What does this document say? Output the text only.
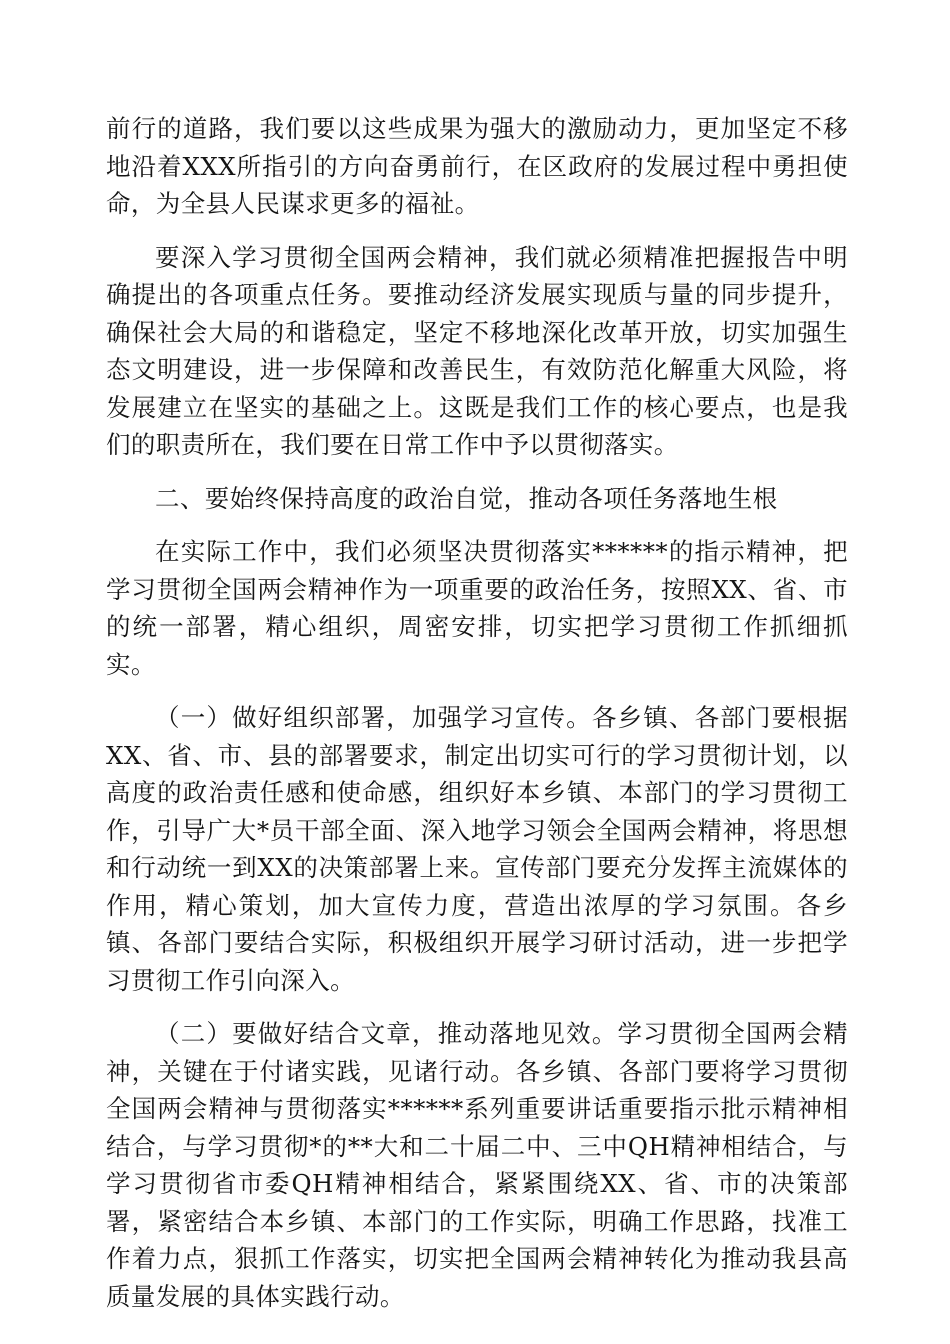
前行的道路，我们要以这些成果为强大的激励动力，更加坚定不移地沿着XXX所指引的方向奋勇前行，在区政府的发展过程中勇担使命，为全县人民谋求更多的福祉。

要深入学习贯彻全国两会精神，我们就必须精准把握报告中明确提出的各项重点任务。要推动经济发展实现质与量的同步提升，确保社会大局的和谐稳定，坚定不移地深化改革开放，切实加强生态文明建设，进一步保障和改善民生，有效防范化解重大风险，将发展建立在坚实的基础之上。这既是我们工作的核心要点，也是我们的职责所在，我们要在日常工作中予以贯彻落实。

二、要始终保持高度的政治自觉，推动各项任务落地生根

在实际工作中，我们必须坚决贯彻落实******的指示精神，把学习贯彻全国两会精神作为一项重要的政治任务，按照XX、省、市的统一部署，精心组织，周密安排，切实把学习贯彻工作抓细抓实。

（一）做好组织部署，加强学习宣传。各乡镇、各部门要根据XX、省、市、县的部署要求，制定出切实可行的学习贯彻计划，以高度的政治责任感和使命感，组织好本乡镇、本部门的学习贯彻工作，引导广大*员干部全面、深入地学习领会全国两会精神，将思想和行动统一到XX的决策部署上来。宣传部门要充分发挥主流媒体的作用，精心策划，加大宣传力度，营造出浓厚的学习氛围。各乡镇、各部门要结合实际，积极组织开展学习研讨活动，进一步把学习贯彻工作引向深入。

（二）要做好结合文章，推动落地见效。学习贯彻全国两会精神，关键在于付诸实践，见诸行动。各乡镇、各部门要将学习贯彻全国两会精神与贯彻落实******系列重要讲话重要指示批示精神相结合，与学习贯彻*的**大和二十届二中、三中QH精神相结合，与学习贯彻省市委QH精神相结合，紧紧围绕XX、省、市的决策部署，紧密结合本乡镇、本部门的工作实际，明确工作思路，找准工作着力点，狠抓工作落实，切实把全国两会精神转化为推动我县高质量发展的具体实践行动。
